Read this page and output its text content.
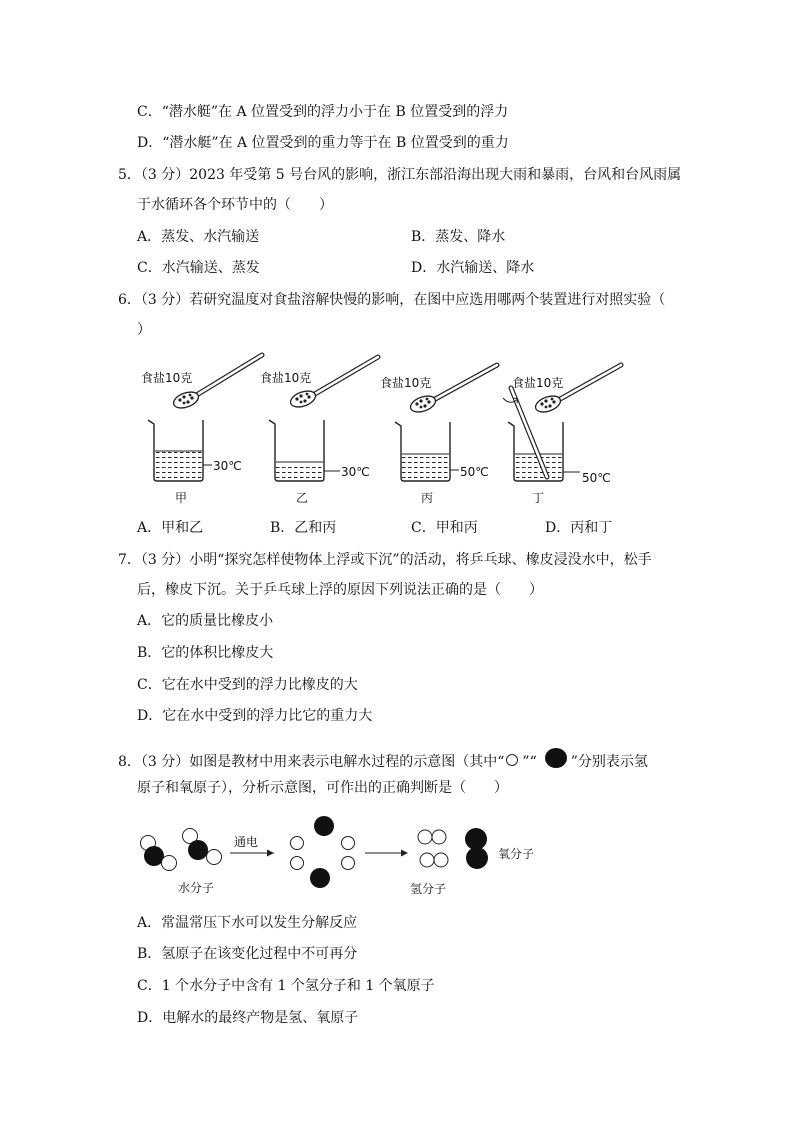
C．“潜水艇”在 A 位置受到的浮力小于在 B 位置受到的浮力
D．“潜水艇”在 A 位置受到的重力等于在 B 位置受到的重力
5．（3 分）2023 年受第 5 号台风的影响，浙江东部沿海出现大雨和暴雨，台风和台风雨属
于水循环各个环节中的（　　）
A．蒸发、水汽输送	B．蒸发、降水
C．水汽输送、蒸发	D．水汽输送、降水
6．（3 分）若研究温度对食盐溶解快慢的影响，在图中应选用哪两个装置进行对照实验（
）
食盐10克
30℃
甲
食盐10克
30℃
乙
食盐10克
50℃
丙
食盐10克
50℃
丁
A．甲和乙	B．乙和丙	C．甲和丙	D．丙和丁
7．（3 分）小明“探究怎样使物体上浮或下沉”的活动，将乒乓球、橡皮浸没水中，松手
后，橡皮下沉。关于乒乓球上浮的原因下列说法正确的是（　　）
A．它的质量比橡皮小
B．它的体积比橡皮大
C．它在水中受到的浮力比橡皮的大
D．它在水中受到的浮力比它的重力大
8．（3 分）如图是教材中用来表示电解水过程的示意图（其中“ ”“ ”分别表示氢
原子和氧原子），分析示意图，可作出的正确判断是（　　）
水分子
通电
氢分子
氧分子
A．常温常压下水可以发生分解反应
B．氢原子在该变化过程中不可再分
C．1 个水分子中含有 1 个氢分子和 1 个氧原子
D．电解水的最终产物是氢、氧原子
